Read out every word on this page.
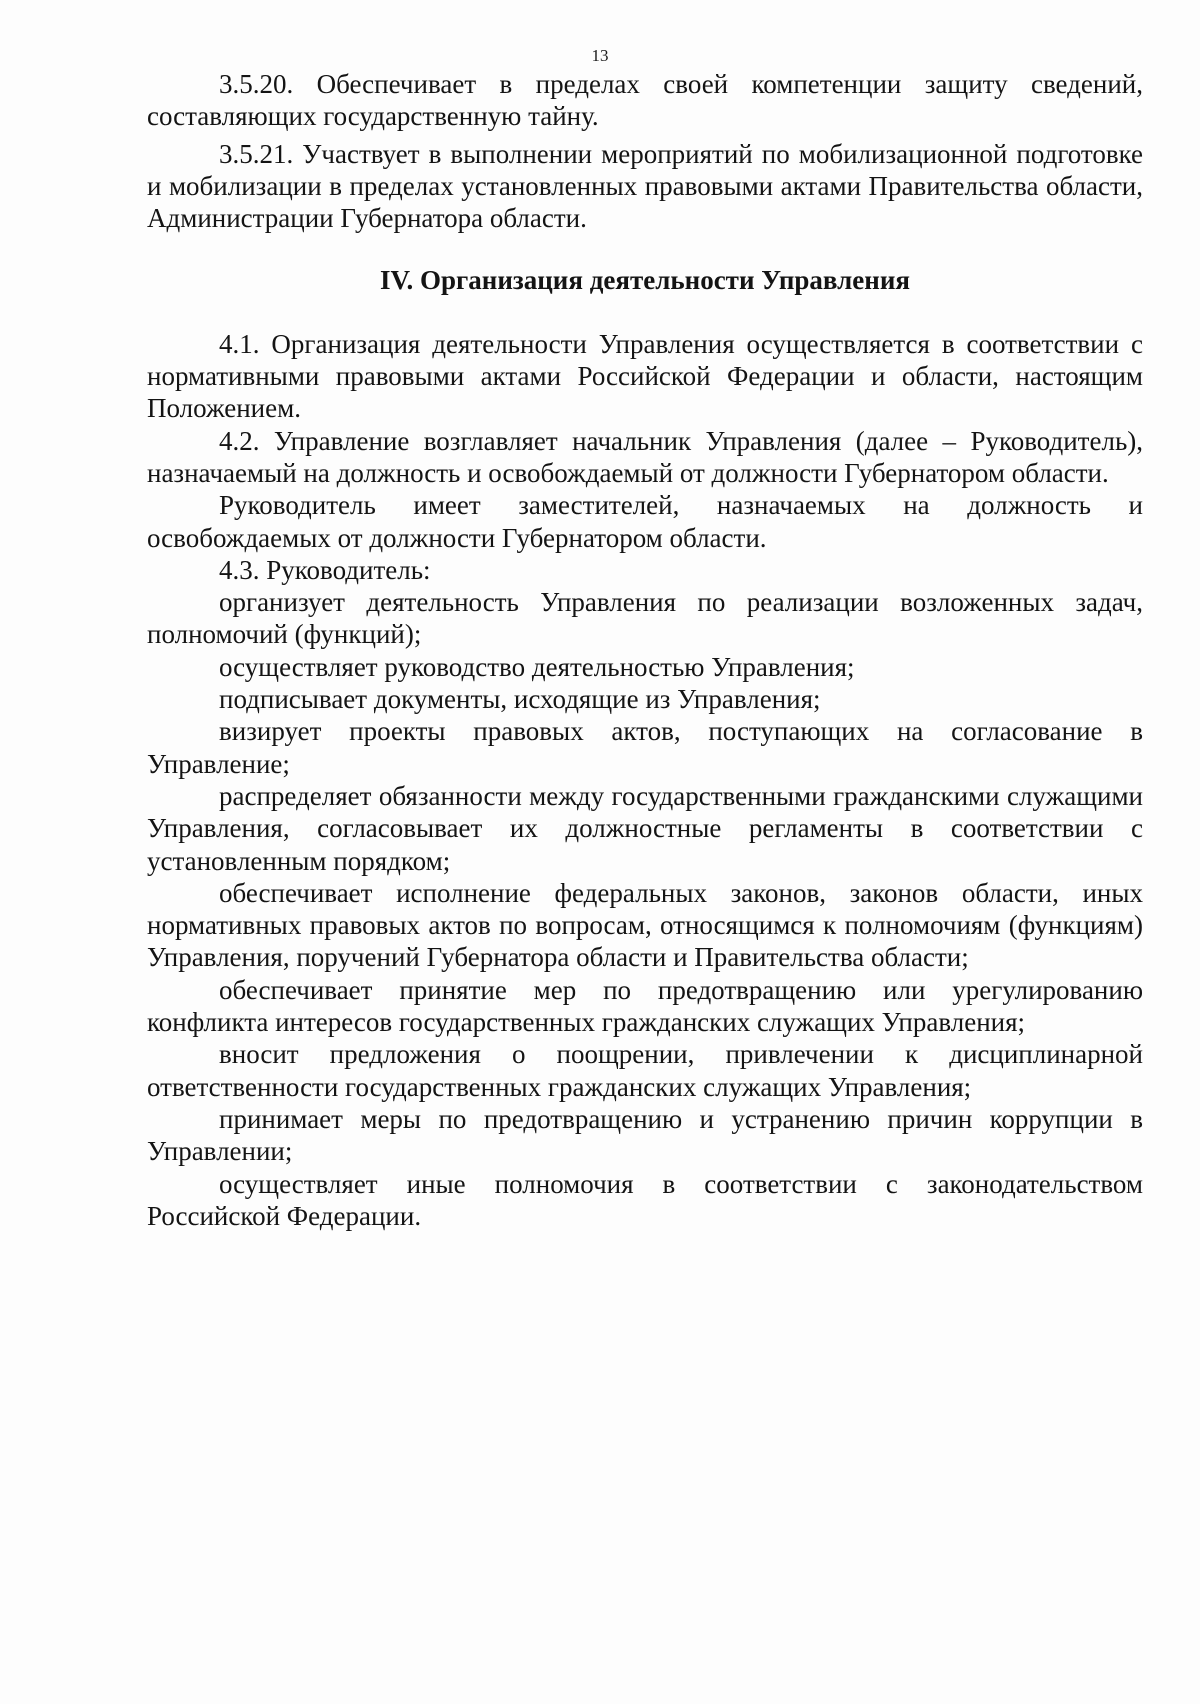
13

3.5.20. Обеспечивает в пределах своей компетенции защиту сведений, составляющих государственную тайну.

3.5.21. Участвует в выполнении мероприятий по мобилизационной подготовке и мобилизации в пределах установленных правовыми актами Правительства области, Администрации Губернатора области.

IV. Организация деятельности Управления

4.1. Организация деятельности Управления осуществляется в соответствии с нормативными правовыми актами Российской Федерации и области, настоящим Положением.

4.2. Управление возглавляет начальник Управления (далее – Руководитель), назначаемый на должность и освобождаемый от должности Губернатором области.

Руководитель имеет заместителей, назначаемых на должность и освобождаемых от должности Губернатором области.

4.3. Руководитель:

организует деятельность Управления по реализации возложенных задач, полномочий (функций);

осуществляет руководство деятельностью Управления;

подписывает документы, исходящие из Управления;

визирует проекты правовых актов, поступающих на согласование в Управление;

распределяет обязанности между государственными гражданскими служащими Управления, согласовывает их должностные регламенты в соответствии с установленным порядком;

обеспечивает исполнение федеральных законов, законов области, иных нормативных правовых актов по вопросам, относящимся к полномочиям (функциям) Управления, поручений Губернатора области и Правительства области;

обеспечивает принятие мер по предотвращению или урегулированию конфликта интересов государственных гражданских служащих Управления;

вносит предложения о поощрении, привлечении к дисциплинарной ответственности государственных гражданских служащих Управления;

принимает меры по предотвращению и устранению причин коррупции в Управлении;

осуществляет иные полномочия в соответствии с законодательством Российской Федерации.
